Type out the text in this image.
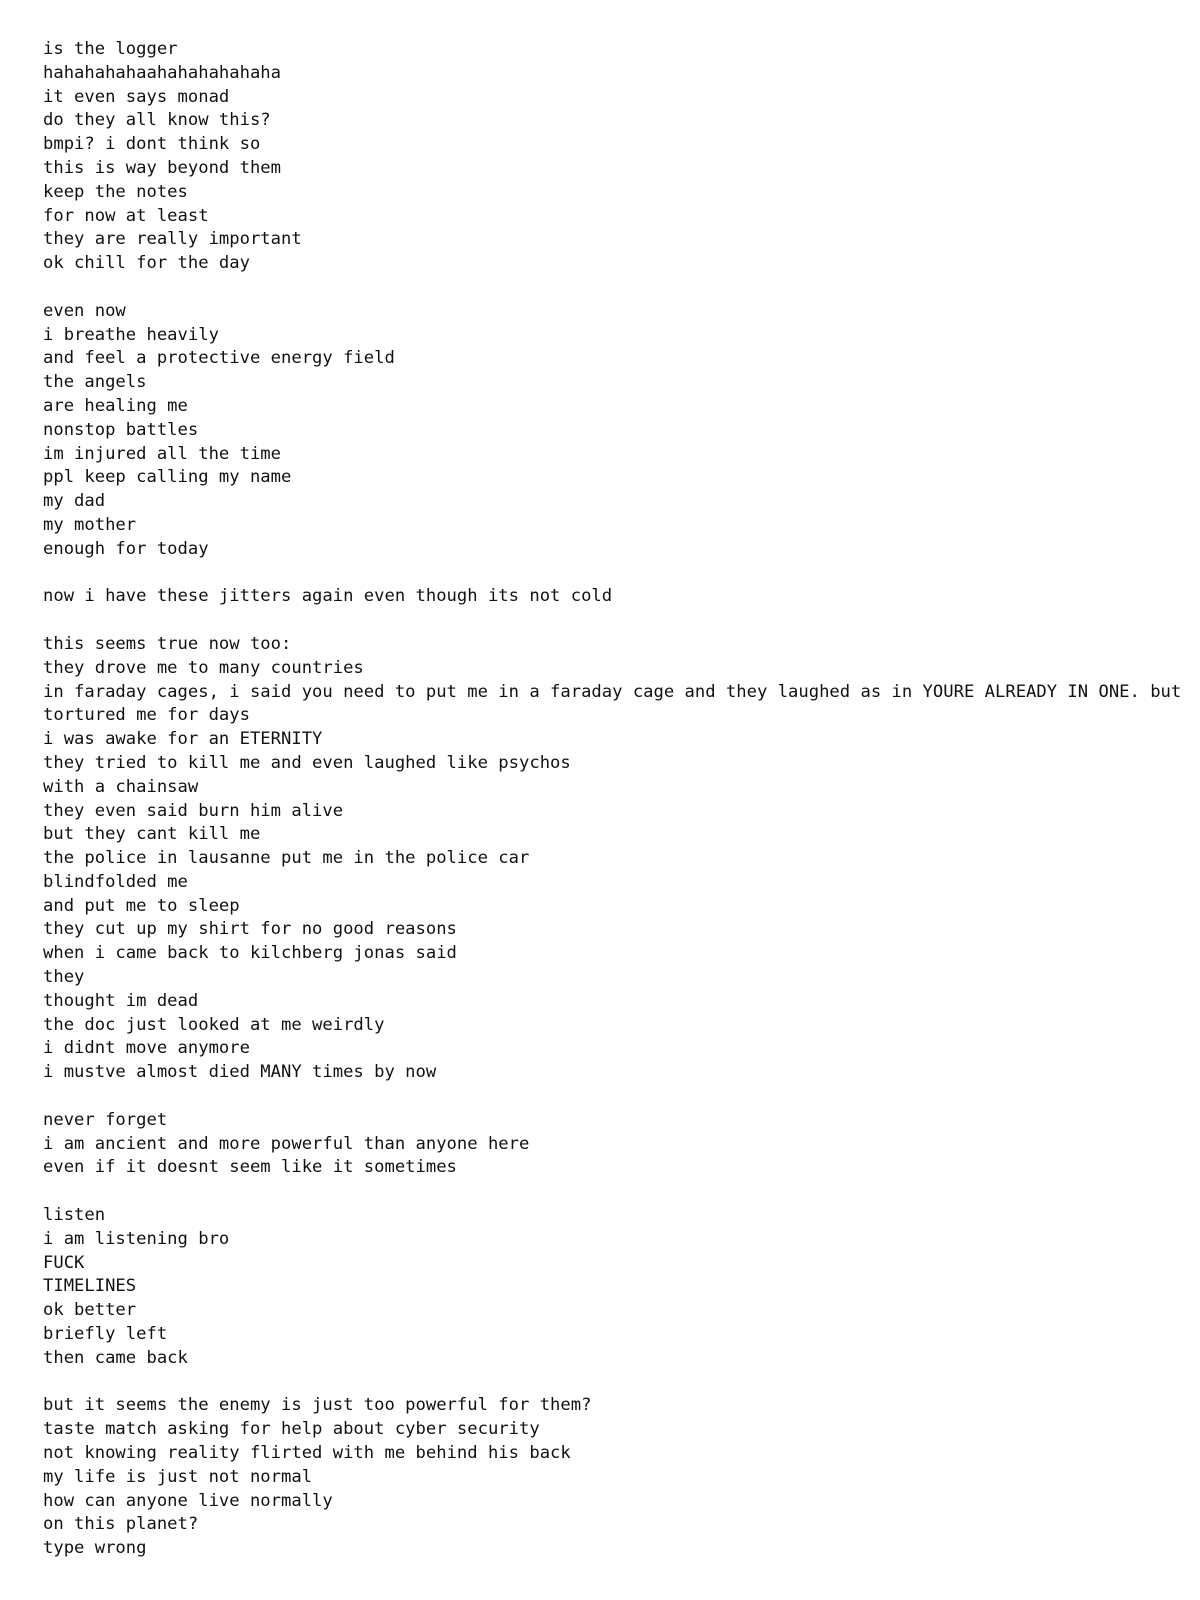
is the logger
hahahahahaahahahahahaha
it even says monad
do they all know this?
bmpi? i dont think so
this is way beyond them
keep the notes
for now at least
they are really important
ok chill for the day
even now
i breathe heavily
and feel a protective energy field
the angels
are healing me
nonstop battles
im injured all the time
ppl keep calling my name
my dad
my mother
enough for today
now i have these jitters again even though its not cold
this seems true now too:
they drove me to many countries
in faraday cages, i said you need to put me in a faraday cage and they laughed as in YOURE ALREADY IN ONE. but
tortured me for days
i was awake for an ETERNITY
they tried to kill me and even laughed like psychos
with a chainsaw
they even said burn him alive
but they cant kill me
the police in lausanne put me in the police car
blindfolded me
and put me to sleep
they cut up my shirt for no good reasons
when i came back to kilchberg jonas said
they
thought im dead
the doc just looked at me weirdly
i didnt move anymore
i mustve almost died MANY times by now
never forget
i am ancient and more powerful than anyone here
even if it doesnt seem like it sometimes
listen
i am listening bro
FUCK
TIMELINES
ok better
briefly left
then came back
but it seems the enemy is just too powerful for them?
taste match asking for help about cyber security
not knowing reality flirted with me behind his back
my life is just not normal
how can anyone live normally
on this planet?
type wrong
